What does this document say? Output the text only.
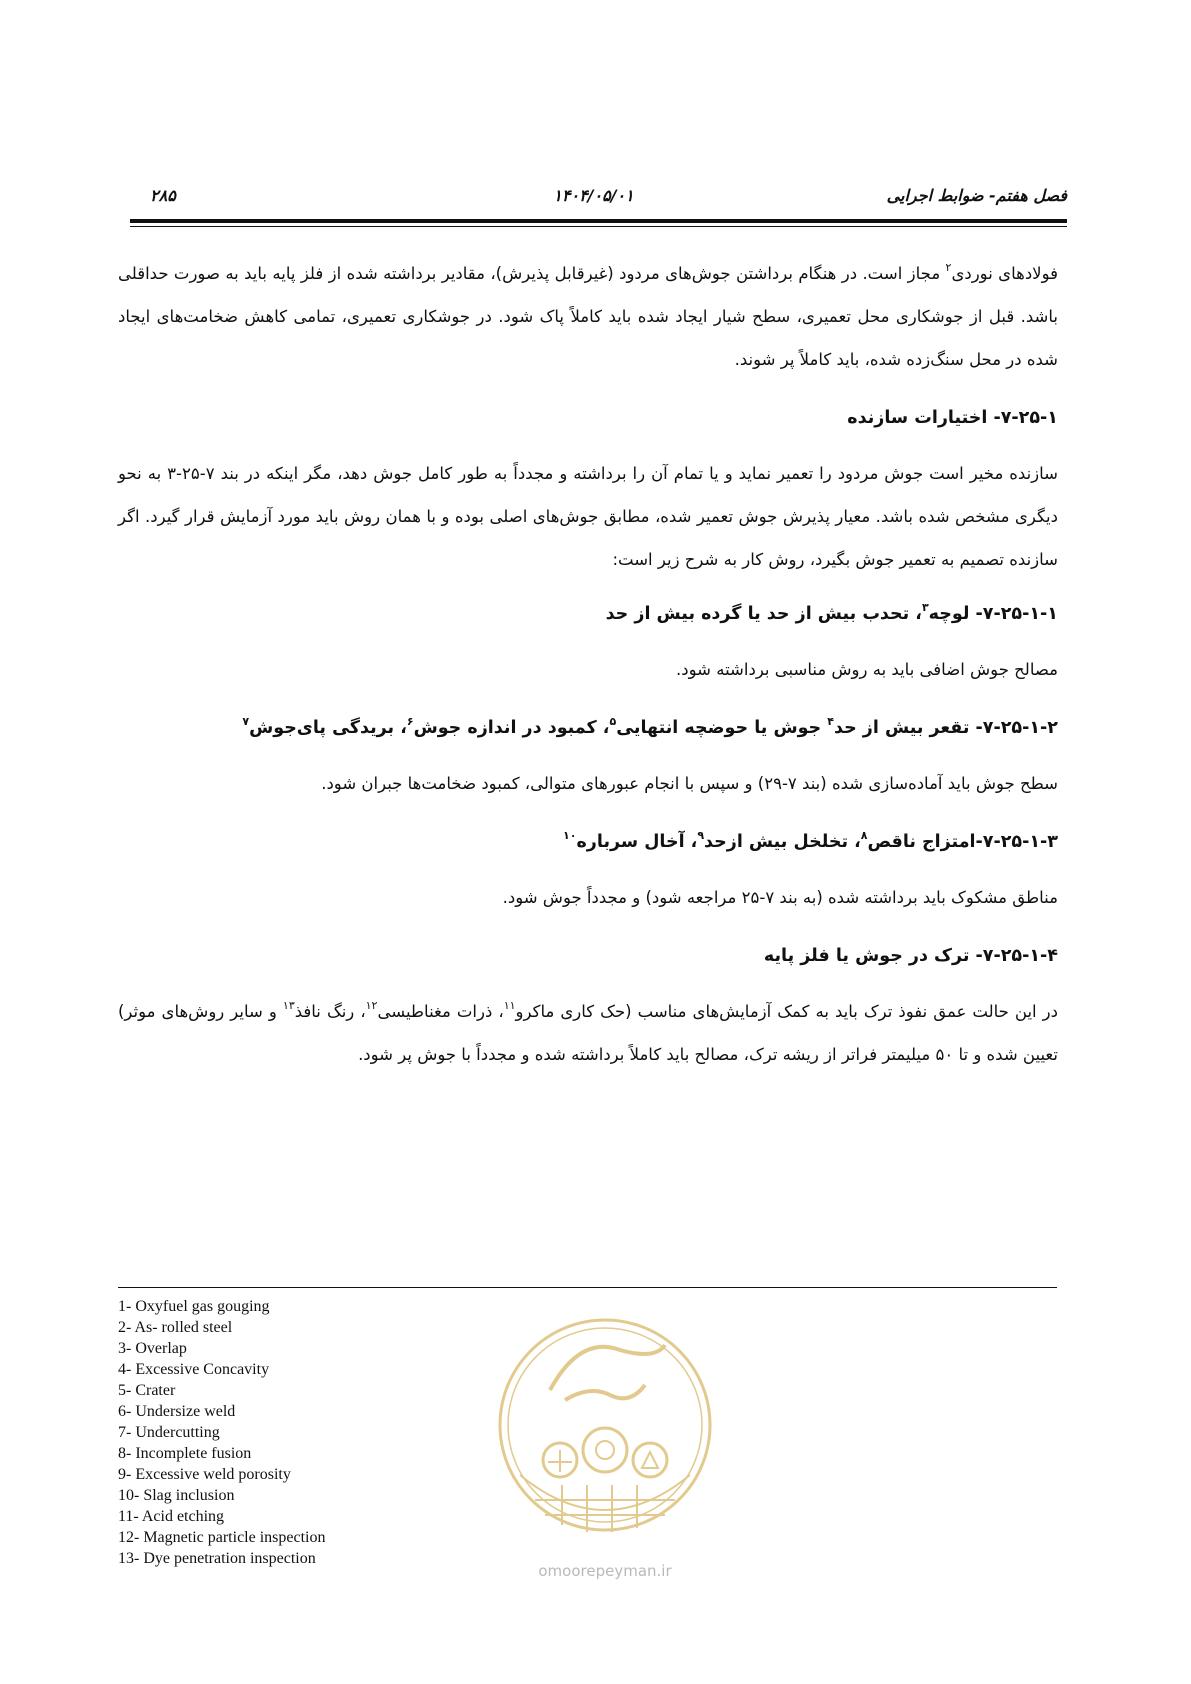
فصل هفتم- ضوابط اجرایی
۱۴۰۴/۰۵/۰۱
۲۸۵

فولادهای نوردی$^۲$ مجاز است. در هنگام برداشتن جوش‌های مردود (غیرقابل پذیرش)، مقادیر برداشته شده از فلز پایه باید به صورت حداقلی باشد. قبل از جوشکاری محل تعمیری، سطح شیار ایجاد شده باید کاملاً پاک شود. در جوشکاری تعمیری، تمامی کاهش ضخامت‌های ایجاد شده در محل سنگ‌زده شده، باید کاملاً پر شوند.

۷-۲۵-۱- اختیارات سازنده

سازنده مخیر است جوش مردود را تعمیر نماید و یا تمام آن را برداشته و مجدداً به طور کامل جوش دهد، مگر اینکه در بند ۷-۲۵-۳ به نحو دیگری مشخص شده باشد. معیار پذیرش جوش تعمیر شده، مطابق جوش‌های اصلی بوده و با همان روش باید مورد آزمایش قرار گیرد. اگر سازنده تصمیم به تعمیر جوش بگیرد، روش کار به شرح زیر است:

۷-۲۵-۱-۱- لوچه$^۳$، تحدب بیش از حد یا گرده بیش از حد

مصالح جوش اضافی باید به روش مناسبی برداشته شود.

۷-۲۵-۱-۲- تقعر بیش از حد$^۴$ جوش یا حوضچه انتهایی$^۵$، کمبود در اندازه جوش$^۶$، بریدگی پای‌جوش$^۷$

سطح جوش باید آماده‌سازی شده (بند ۷-۲۹) و سپس با انجام عبورهای متوالی، کمبود ضخامت‌ها جبران شود.

۷-۲۵-۱-۳-امتزاج ناقص$^۸$، تخلخل بیش ازحد$^۹$، آخال سرباره$^{۱۰}$

مناطق مشکوک باید برداشته شده (به بند ۷-۲۵ مراجعه شود) و مجدداً جوش شود.

۷-۲۵-۱-۴- ترک در جوش یا فلز پایه

در این حالت عمق نفوذ ترک باید به کمک آزمایش‌های مناسب (حک کاری ماکرو$^{۱۱}$، ذرات مغناطیسی$^{۱۲}$، رنگ نافذ$^{۱۳}$ و سایر روش‌های موثر) تعیین شده و تا ۵۰ میلیمتر فراتر از ریشه ترک، مصالح باید کاملاً برداشته شده و مجدداً با جوش پر شود.

1- Oxyfuel gas gouging
2- As- rolled steel
3- Overlap
4- Excessive Concavity
5- Crater
6- Undersize weld
7- Undercutting
8- Incomplete fusion
9- Excessive weld porosity
10- Slag inclusion
11- Acid etching
12- Magnetic particle inspection
13- Dye penetration inspection
omoorepeyman.ir
